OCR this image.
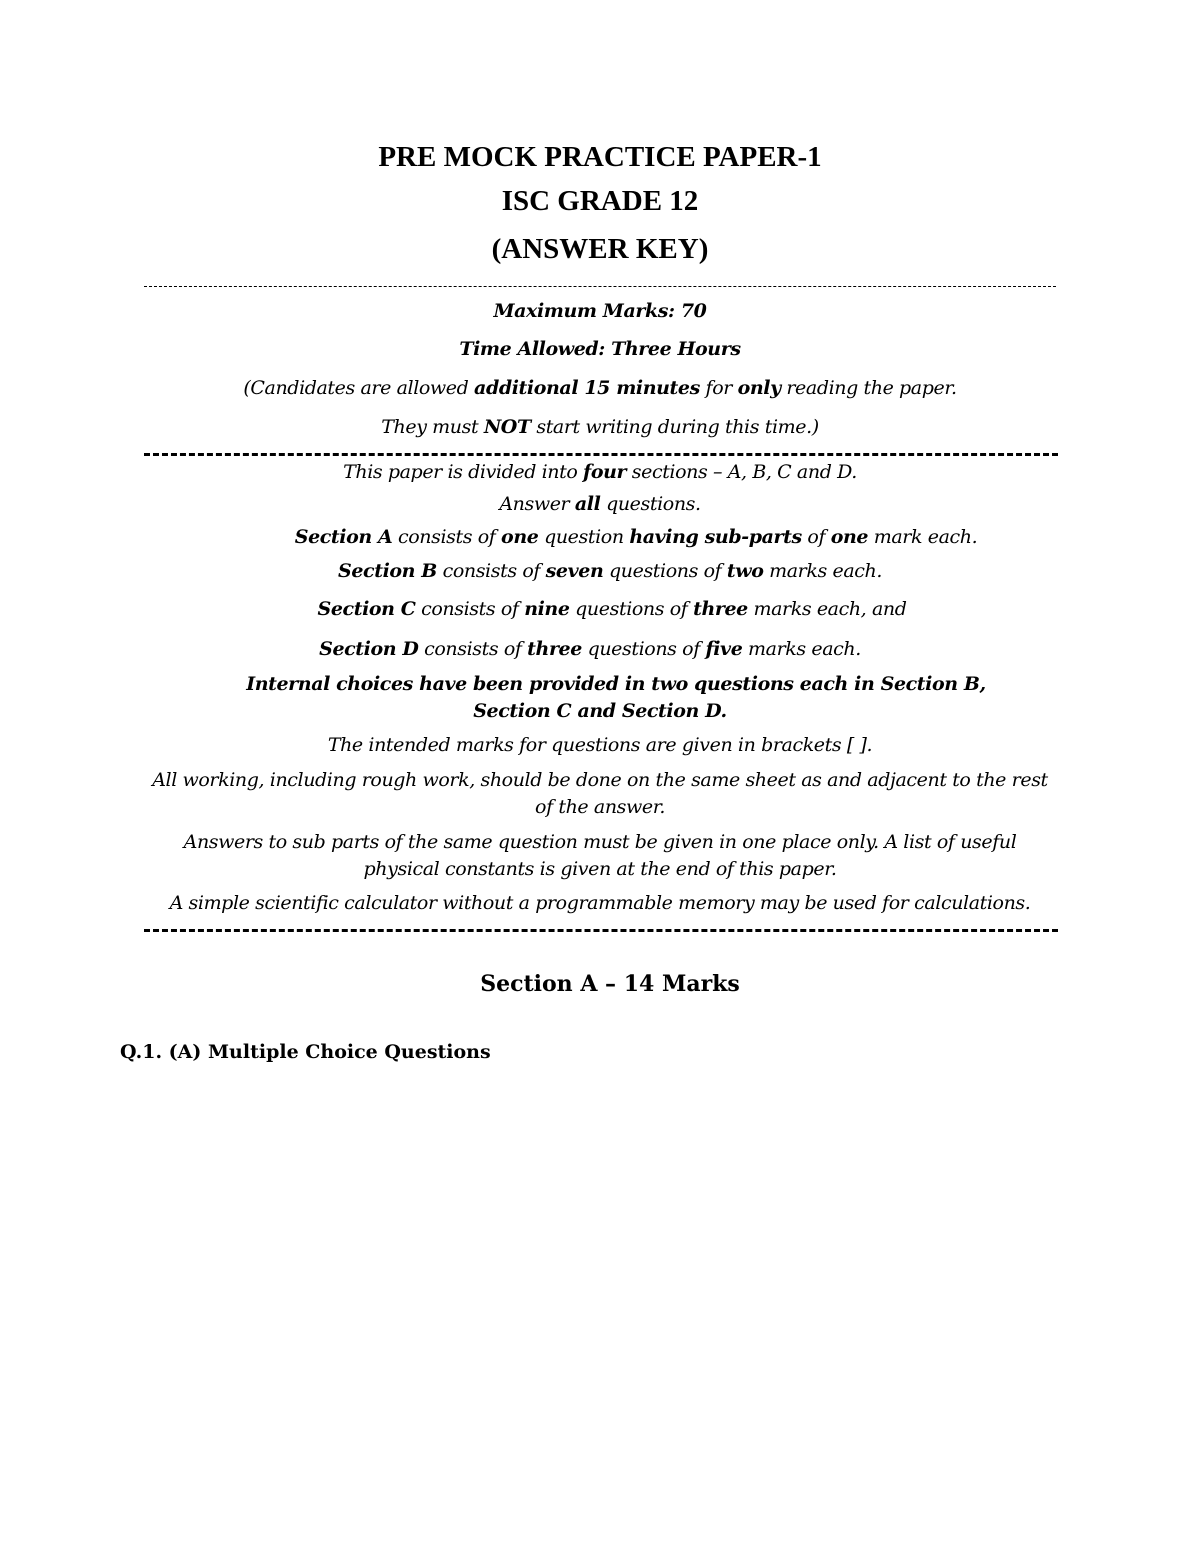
PRE MOCK PRACTICE PAPER-1
ISC GRADE 12
(ANSWER KEY)
Maximum Marks: 70
Time Allowed: Three Hours
(Candidates are allowed additional 15 minutes for only reading the paper.
They must NOT start writing during this time.)
This paper is divided into four sections – A, B, C and D.
Answer all questions.
Section A consists of one question having sub-parts of one mark each.
Section B consists of seven questions of two marks each.
Section C consists of nine questions of three marks each, and
Section D consists of three questions of five marks each.
Internal choices have been provided in two questions each in Section B,
Section C and Section D.
The intended marks for questions are given in brackets [ ].
All working, including rough work, should be done on the same sheet as and adjacent to the rest
of the answer.
Answers to sub parts of the same question must be given in one place only. A list of useful
physical constants is given at the end of this paper.
A simple scientific calculator without a programmable memory may be used for calculations.
Section A – 14 Marks
Q.1. (A) Multiple Choice Questions
